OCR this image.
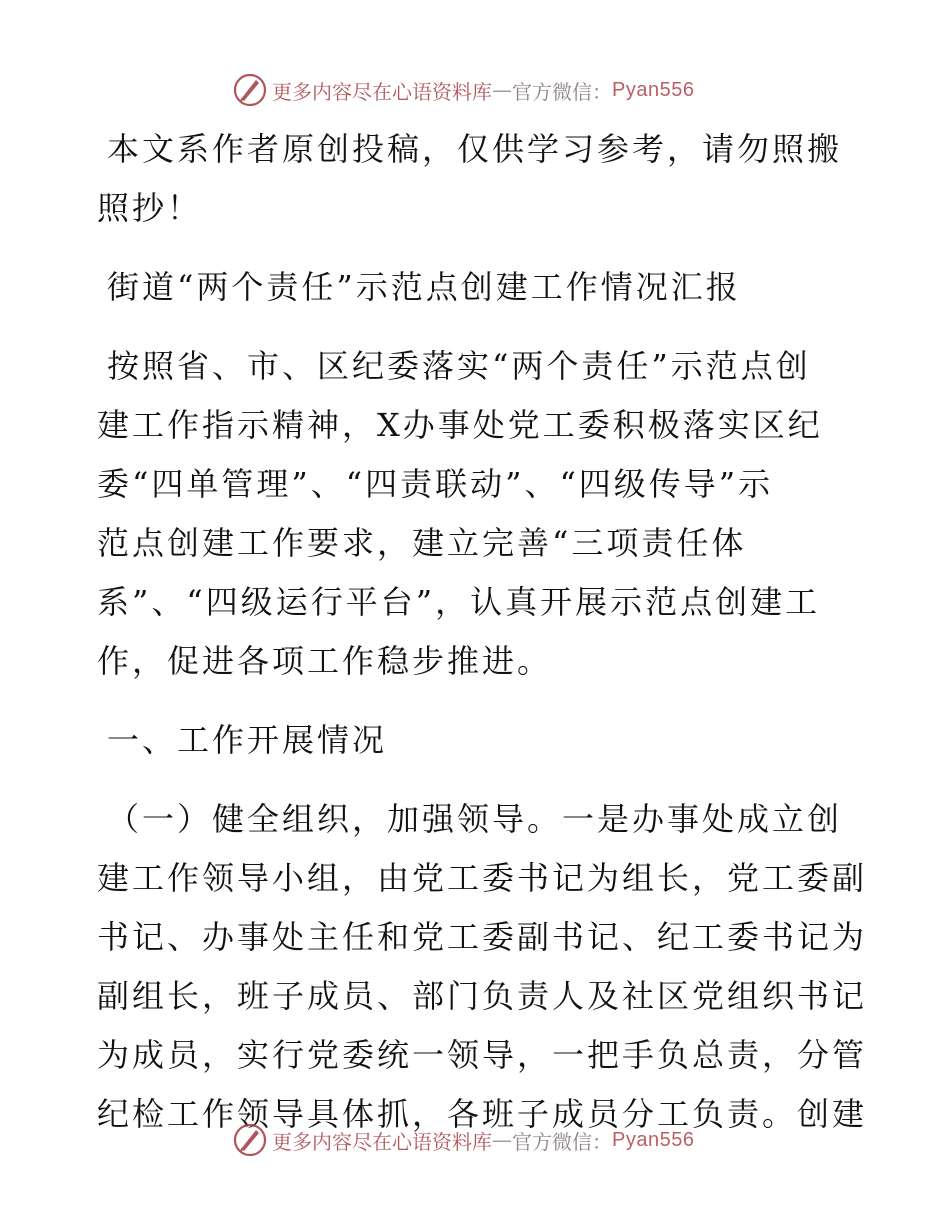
更多内容尽在心语资料库 — 官方微信： Pyan556
本文系作者原创投稿，仅供学习参考，请勿照搬
照抄！
街道“两个责任”示范点创建工作情况汇报
按照省、市、区纪委落实“两个责任”示范点创
建工作指示精神，X办事处党工委积极落实区纪
委“四单管理”、“四责联动”、“四级传导”示
范点创建工作要求，建立完善“三项责任体
系”、“四级运行平台”，认真开展示范点创建工
作，促进各项工作稳步推进。
一、工作开展情况
（一）健全组织，加强领导。一是办事处成立创
建工作领导小组，由党工委书记为组长，党工委副
书记、办事处主任和党工委副书记、纪工委书记为
副组长，班子成员、部门负责人及社区党组织书记
为成员，实行党委统一领导，一把手负总责，分管
纪检工作领导具体抓，各班子成员分工负责。创建
更多内容尽在心语资料库 — 官方微信： Pyan556
